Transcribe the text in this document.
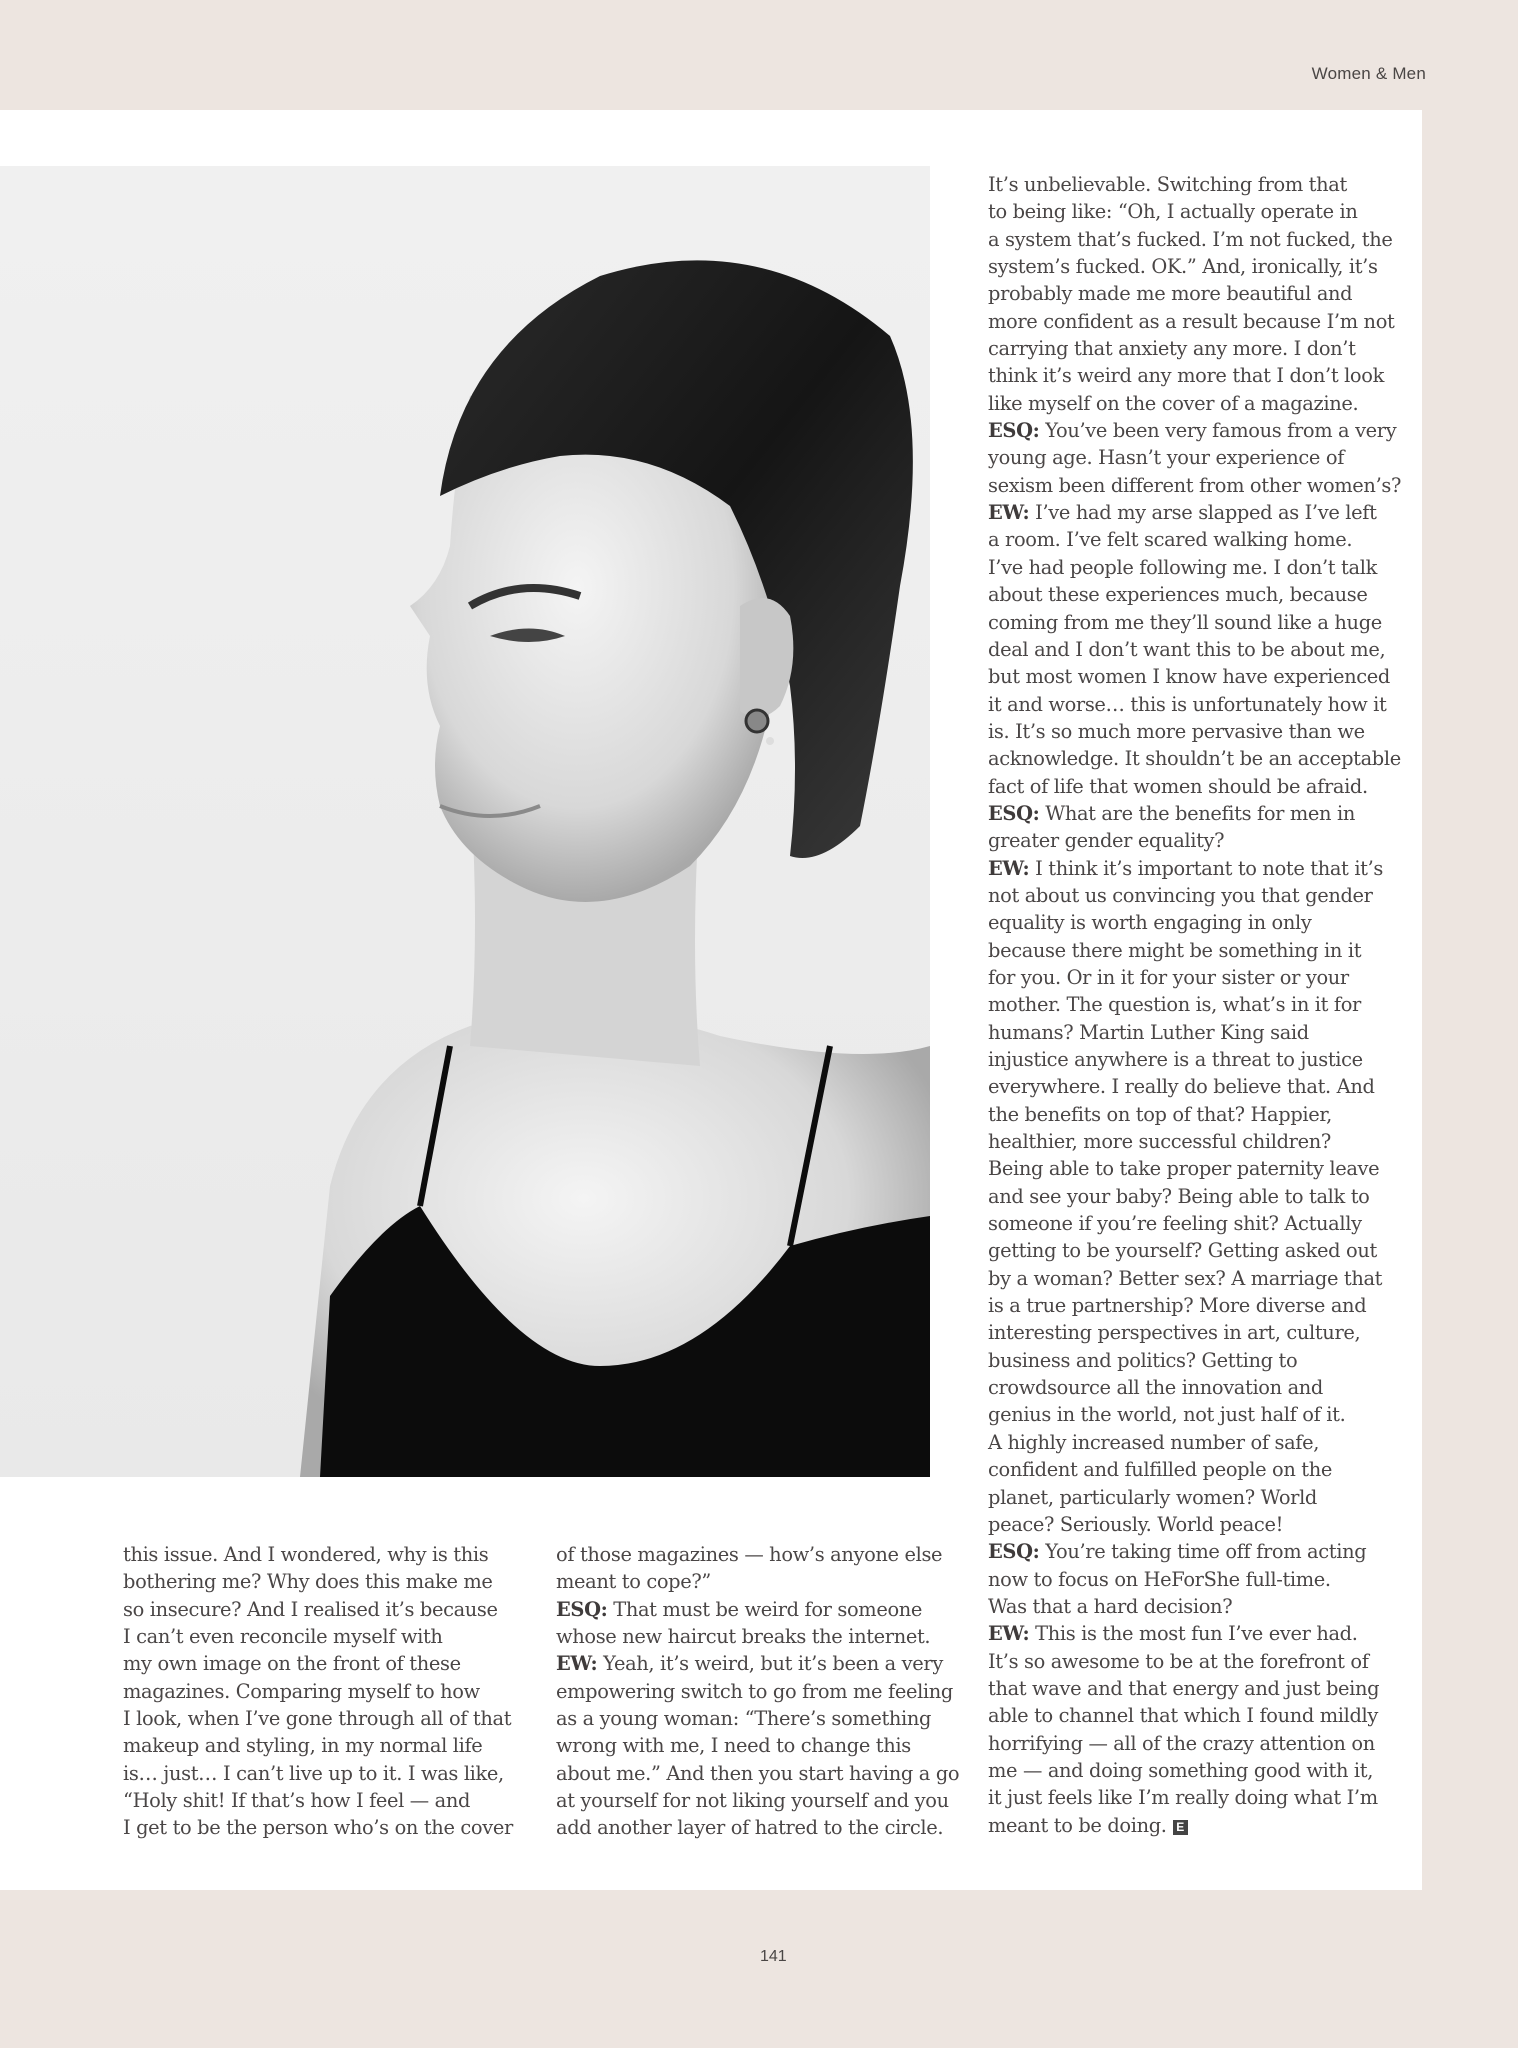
Women & Men
this issue. And I wondered, why is this
bothering me? Why does this make me
so insecure? And I realised it’s because
I can’t even reconcile myself with
my own image on the front of these
magazines. Comparing myself to how
I look, when I’ve gone through all of that
makeup and styling, in my normal life
is… just… I can’t live up to it. I was like,
“Holy shit! If that’s how I feel — and
I get to be the person who’s on the cover
of those magazines — how’s anyone else
meant to cope?”
ESQ: That must be weird for someone
whose new haircut breaks the internet.
EW: Yeah, it’s weird, but it’s been a very
empowering switch to go from me feeling
as a young woman: “There’s something
wrong with me, I need to change this
about me.” And then you start having a go
at yourself for not liking yourself and you
add another layer of hatred to the circle.
It’s unbelievable. Switching from that
to being like: “Oh, I actually operate in
a system that’s fucked. I’m not fucked, the
system’s fucked. OK.” And, ironically, it’s
probably made me more beautiful and
more confident as a result because I’m not
carrying that anxiety any more. I don’t
think it’s weird any more that I don’t look
like myself on the cover of a magazine.
ESQ: You’ve been very famous from a very
young age. Hasn’t your experience of
sexism been different from other women’s?
EW: I’ve had my arse slapped as I’ve left
a room. I’ve felt scared walking home.
I’ve had people following me. I don’t talk
about these experiences much, because
coming from me they’ll sound like a huge
deal and I don’t want this to be about me,
but most women I know have experienced
it and worse… this is unfortunately how it
is. It’s so much more pervasive than we
acknowledge. It shouldn’t be an acceptable
fact of life that women should be afraid.
ESQ: What are the benefits for men in
greater gender equality?
EW: I think it’s important to note that it’s
not about us convincing you that gender
equality is worth engaging in only
because there might be something in it
for you. Or in it for your sister or your
mother. The question is, what’s in it for
humans? Martin Luther King said
injustice anywhere is a threat to justice
everywhere. I really do believe that. And
the benefits on top of that? Happier,
healthier, more successful children?
Being able to take proper paternity leave
and see your baby? Being able to talk to
someone if you’re feeling shit? Actually
getting to be yourself? Getting asked out
by a woman? Better sex? A marriage that
is a true partnership? More diverse and
interesting perspectives in art, culture,
business and politics? Getting to
crowdsource all the innovation and
genius in the world, not just half of it.
A highly increased number of safe,
confident and fulfilled people on the
planet, particularly women? World
peace? Seriously. World peace!
ESQ: You’re taking time off from acting
now to focus on HeForShe full-time.
Was that a hard decision?
EW: This is the most fun I’ve ever had.
It’s so awesome to be at the forefront of
that wave and that energy and just being
able to channel that which I found mildly
horrifying — all of the crazy attention on
me — and doing something good with it,
it just feels like I’m really doing what I’m
meant to be doing. E
141
